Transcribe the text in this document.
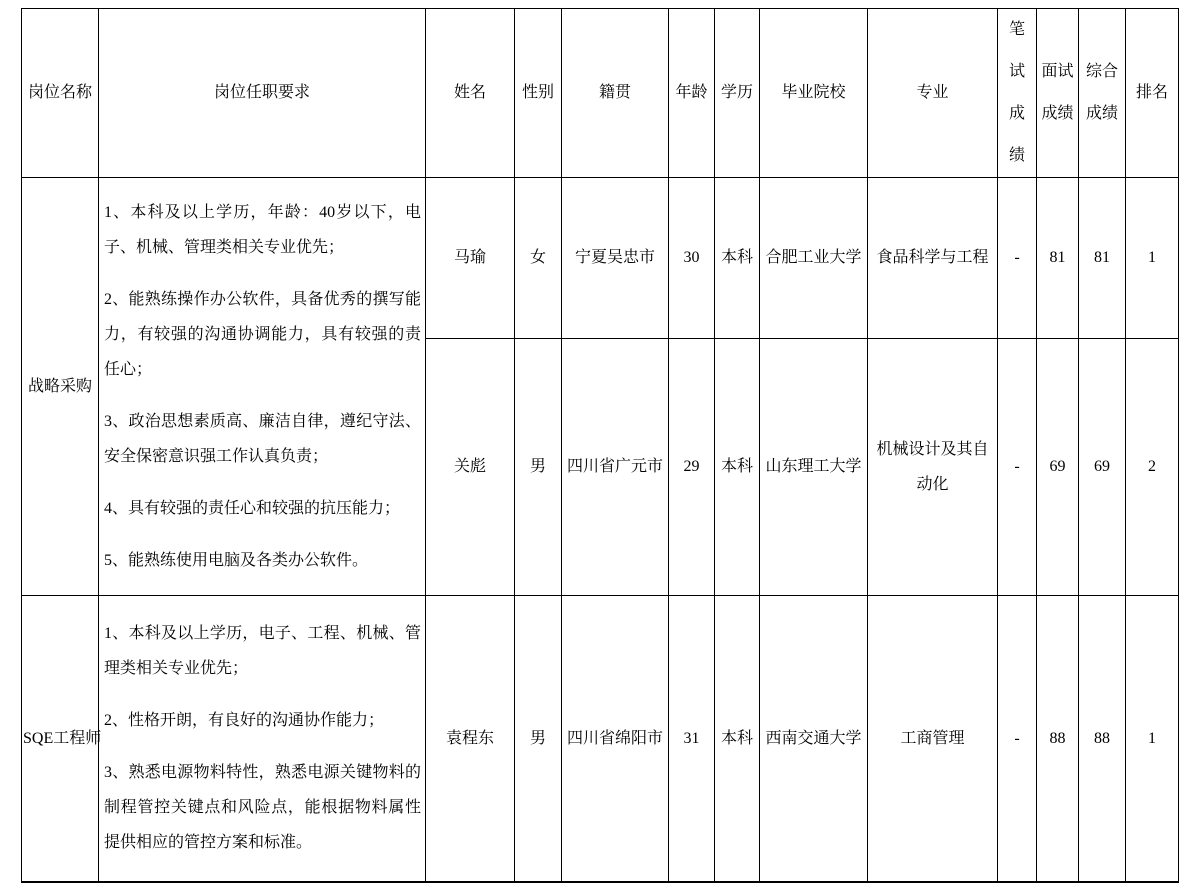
岗位名称	岗位任职要求	姓名	性别	籍贯	年龄	学历	毕业院校	专业	笔试成绩	面试成绩	综合成绩	排名
战略采购	1、本科及以上学历，年龄：40岁以下，电子、机械、管理类相关专业优先；

2、能熟练操作办公软件，具备优秀的撰写能力，有较强的沟通协调能力，具有较强的责任心；

3、政治思想素质高、廉洁自律，遵纪守法、安全保密意识强工作认真负责；

4、具有较强的责任心和较强的抗压能力；

5、能熟练使用电脑及各类办公软件。	马瑜	女	宁夏吴忠市	30	本科	合肥工业大学	食品科学与工程	-	81	81	1
		关彪	男	四川省广元市	29	本科	山东理工大学	机械设计及其自动化	-	69	69	2
SQE工程师	1、本科及以上学历，电子、工程、机械、管理类相关专业优先；

2、性格开朗，有良好的沟通协作能力；

3、熟悉电源物料特性，熟悉电源关键物料的制程管控关键点和风险点，能根据物料属性提供相应的管控方案和标准。	袁程东	男	四川省绵阳市	31	本科	西南交通大学	工商管理	-	88	88	1
